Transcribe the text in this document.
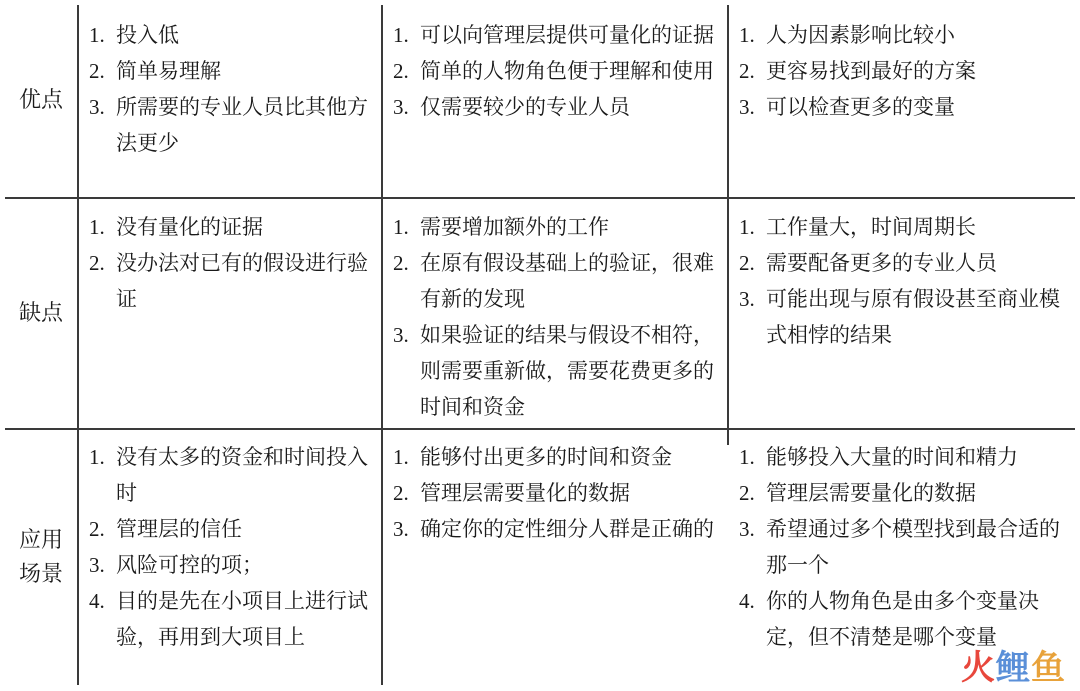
优点
1. 投入低
2. 简单易理解
3. 所需要的专业人员比其他方法更少
1. 可以向管理层提供可量化的证据
2. 简单的人物角色便于理解和使用
3. 仅需要较少的专业人员
1. 人为因素影响比较小
2. 更容易找到最好的方案
3. 可以检查更多的变量
缺点
1. 没有量化的证据
2. 没办法对已有的假设进行验证
1. 需要增加额外的工作
2. 在原有假设基础上的验证，很难有新的发现
3. 如果验证的结果与假设不相符，则需要重新做，需要花费更多的时间和资金
1. 工作量大，时间周期长
2. 需要配备更多的专业人员
3. 可能出现与原有假设甚至商业模式相悖的结果
应用场景
1. 没有太多的资金和时间投入时
2. 管理层的信任
3. 风险可控的项；
4. 目的是先在小项目上进行试验，再用到大项目上
1. 能够付出更多的时间和资金
2. 管理层需要量化的数据
3. 确定你的定性细分人群是正确的
1. 能够投入大量的时间和精力
2. 管理层需要量化的数据
3. 希望通过多个模型找到最合适的那一个
4. 你的人物角色是由多个变量决定，但不清楚是哪个变量
火鲤鱼
